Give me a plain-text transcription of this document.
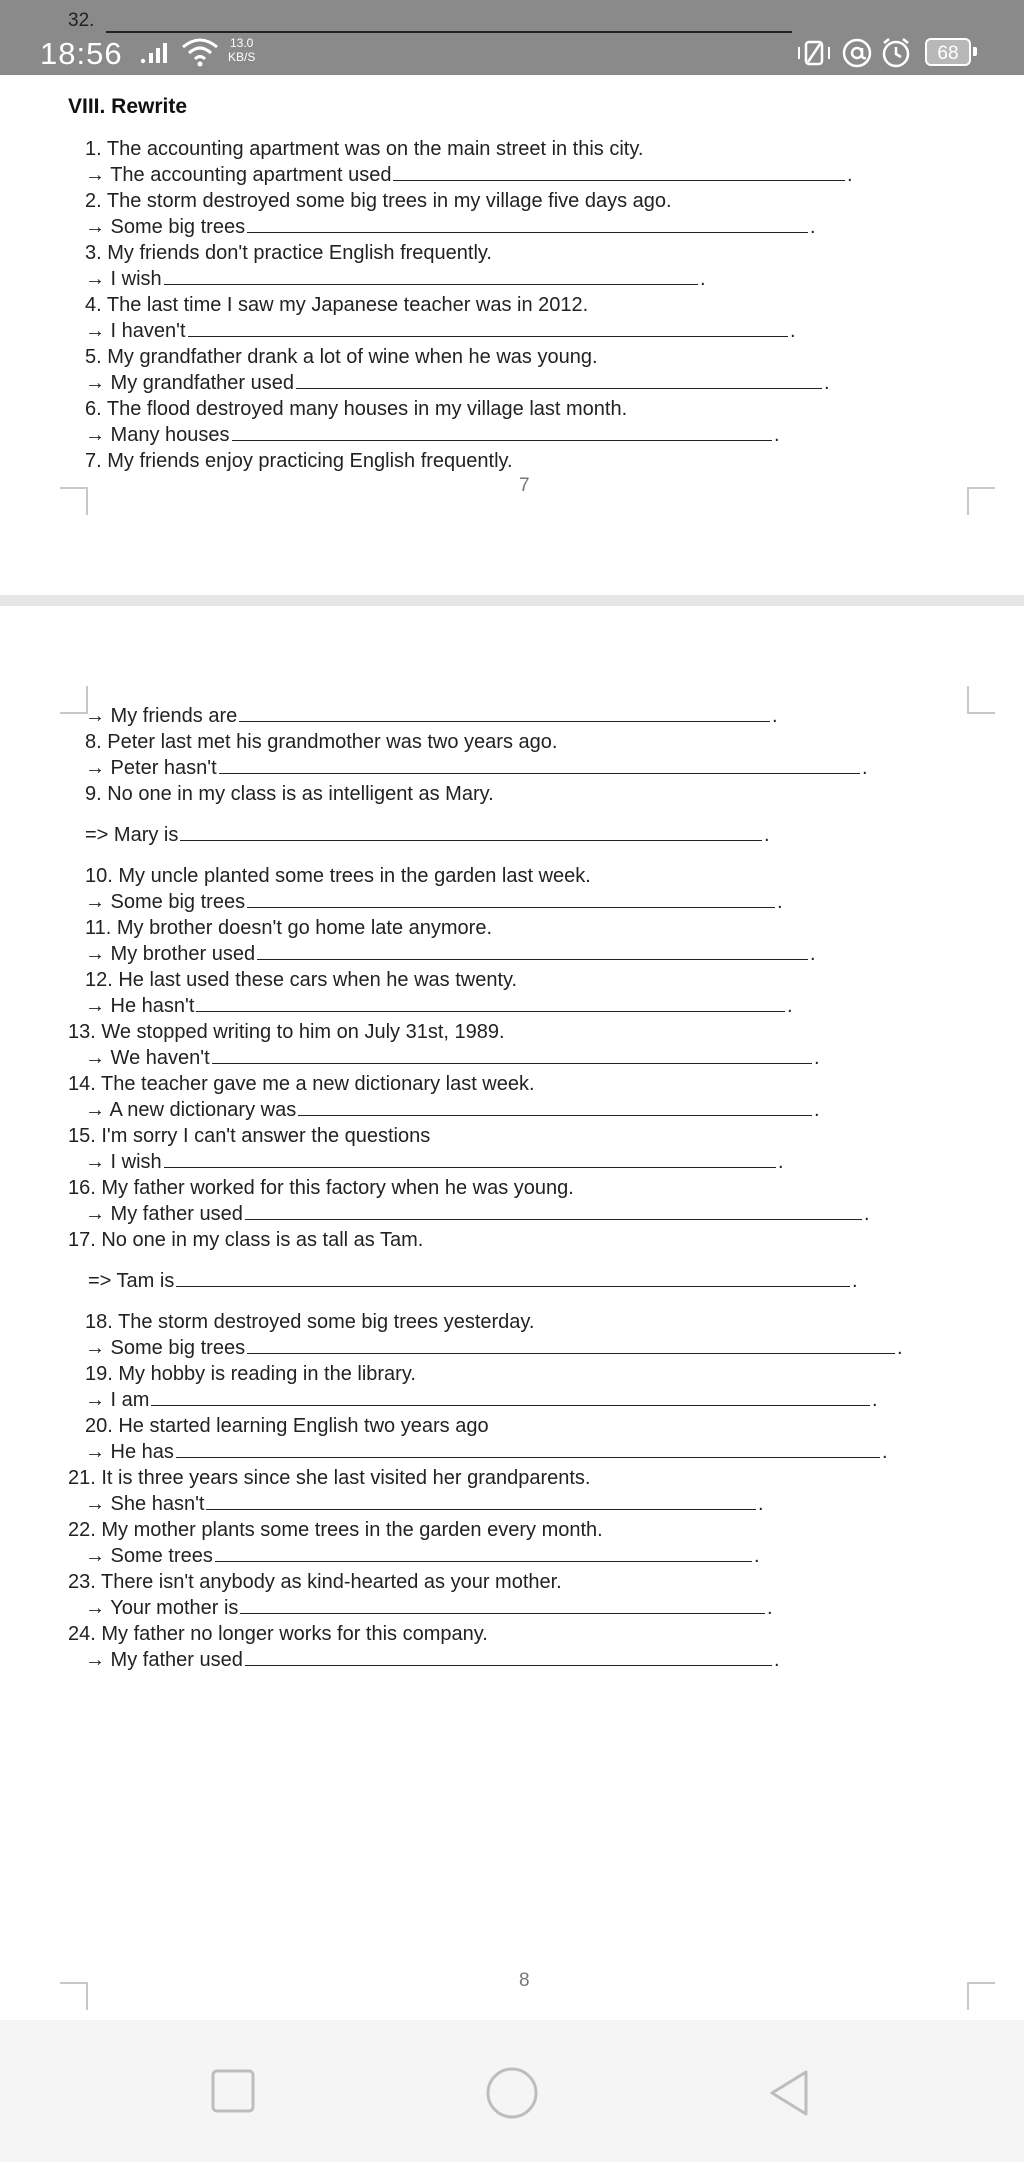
32.
18:56	13.0
KB/S	68
VIII. Rewrite
1. The accounting apartment was on the main street in this city.
→ The accounting apartment used	.
2. The storm destroyed some big trees in my village five days ago.
→ Some big trees	.
3. My friends don't practice English frequently.
→ I wish	.
4. The last time I saw my Japanese teacher was in 2012.
→ I haven't	.
5. My grandfather drank a lot of wine when he was young.
→ My grandfather used	.
6. The flood destroyed many houses in my village last month.
→ Many houses	.
7. My friends enjoy practicing English frequently.
7
→ My friends are	.
8. Peter last met his grandmother was two years ago.
→ Peter hasn't	.
9. No one in my class is as intelligent as Mary.
=> Mary is	.
10. My uncle planted some trees in the garden last week.
→ Some big trees	.
11. My brother doesn't go home late anymore.
→ My brother used	.
12. He last used these cars when he was twenty.
→ He hasn't	.
13. We stopped writing to him on July 31st, 1989.
→ We haven't	.
14. The teacher gave me a new dictionary last week.
→ A new dictionary was	.
15. I'm sorry I can't answer the questions
→ I wish	.
16. My father worked for this factory when he was young.
→ My father used	.
17. No one in my class is as tall as Tam.
=> Tam is	.
18. The storm destroyed some big trees yesterday.
→ Some big trees	.
19. My hobby is reading in the library.
→ I am	.
20. He started learning English two years ago
→ He has	.
21. It is three years since she last visited her grandparents.
→ She hasn't	.
22. My mother plants some trees in the garden every month.
→ Some trees	.
23. There isn't anybody as kind-hearted as your mother.
→ Your mother is	.
24. My father no longer works for this company.
→ My father used	.
8
